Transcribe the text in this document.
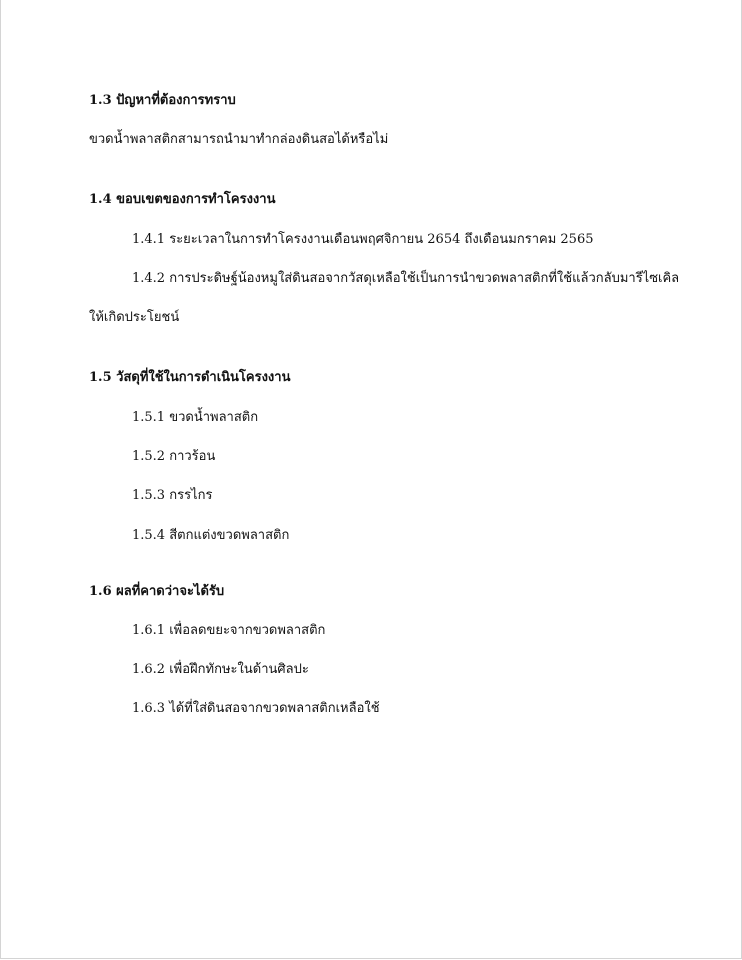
1.3 ปัญหาที่ต้องการทราบ
ขวดน้ำพลาสติกสามารถนำมาทำกล่องดินสอได้หรือไม่
1.4 ขอบเขตของการทำโครงงาน
1.4.1 ระยะเวลาในการทำโครงงานเดือนพฤศจิกายน 2654 ถึงเดือนมกราคม 2565
1.4.2 การประดิษฐ์น้องหมูใส่ดินสอจากวัสดุเหลือใช้เป็นการนำขวดพลาสติกที่ใช้แล้วกลับมารีไซเคิล
ให้เกิดประโยชน์
1.5 วัสดุที่ใช้ในการดำเนินโครงงาน
1.5.1 ขวดน้ำพลาสติก
1.5.2 กาวร้อน
1.5.3 กรรไกร
1.5.4 สีตกแต่งขวดพลาสติก
1.6 ผลที่คาดว่าจะได้รับ
1.6.1 เพื่อลดขยะจากขวดพลาสติก
1.6.2 เพื่อฝึกทักษะในด้านศิลปะ
1.6.3 ได้ที่ใส่ดินสอจากขวดพลาสติกเหลือใช้
